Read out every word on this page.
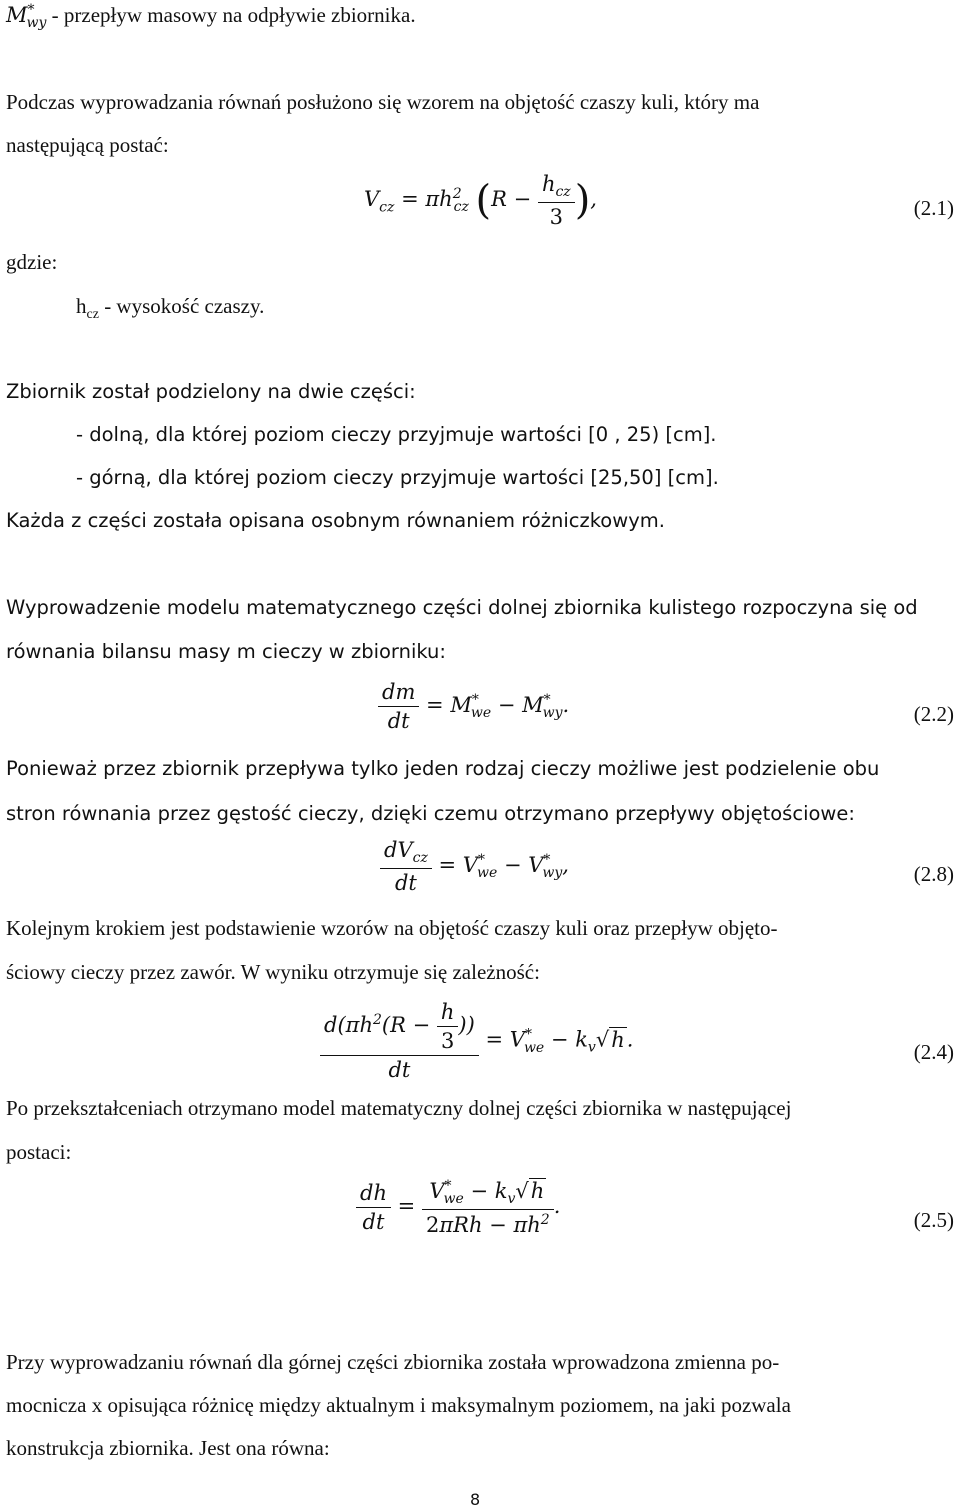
$M^*_{wy}$ - przepływ masowy na odpływie zbiornika.
Podczas wyprowadzania równań posłużono się wzorem na objętość czaszy kuli, który ma
następującą postać:
$V_{cz} = \pi h^2_{cz}$ ($R - \frac{h_{cz}}{3}$ ),	(2.1)
gdzie:
$h_{cz}$ - wysokość czaszy.
Zbiornik został podzielony na dwie części:
- dolną, dla której poziom cieczy przyjmuje wartości [0 , 25) [cm].
- górną, dla której poziom cieczy przyjmuje wartości [25,50] [cm].
Każda z części została opisana osobnym równaniem różniczkowym.
Wyprowadzenie modelu matematycznego części dolnej zbiornika kulistego rozpoczyna się od
równania bilansu masy m cieczy w zbiorniku:
$\frac{dm}{dt} = M^*_{we} - M^*_{wy}$.	(2.2)
Ponieważ przez zbiornik przepływa tylko jeden rodzaj cieczy możliwe jest podzielenie obu
stron równania przez gęstość cieczy, dzięki czemu otrzymano przepływy objętościowe:
$\frac{dV_{cz}}{dt} = V^*_{we} - V^*_{wy}$,	(2.8)
Kolejnym krokiem jest podstawienie wzorów na objętość czaszy kuli oraz przepływ objęto-
ściowy cieczy przez zawór. W wyniku otrzymuje się zależność:
$\frac{d(\pi h^2(R - \frac{h}{3} ))}{dt} = V^*_{we} - k_v√h$.
(2.4)
Po przekształceniach otrzymano model matematyczny dolnej części zbiornika w następującej
postaci:
$\frac{dh}{dt} = \frac{V^*_{we} - k_v√h}{2\pi Rh - \pi h^2}$ .
(2.5)
Przy wyprowadzaniu równań dla górnej części zbiornika została wprowadzona zmienna po-
mocnicza x opisująca różnicę między aktualnym i maksymalnym poziomem, na jaki pozwala
konstrukcja zbiornika. Jest ona równa:
8
